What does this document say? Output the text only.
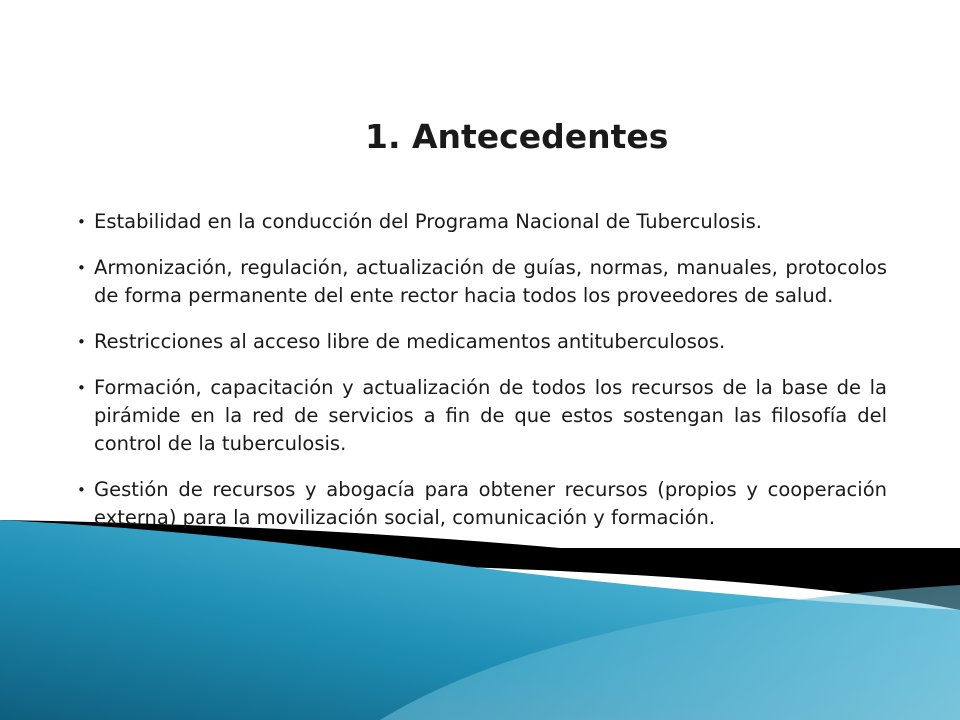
1. Antecedentes
• Estabilidad en la conducción del Programa Nacional de Tuberculosis.
• Armonización, regulación, actualización de guías, normas, manuales, protocolos de forma permanente del ente rector hacia todos los proveedores de salud.
• Restricciones al acceso libre de medicamentos antituberculosos.
• Formación, capacitación y actualización de todos los recursos de la base de la pirámide en la red de servicios a fin de que estos sostengan las filosofía del control de la tuberculosis.
• Gestión de recursos y abogacía para obtener recursos (propios y cooperación externa) para la movilización social, comunicación y formación.
